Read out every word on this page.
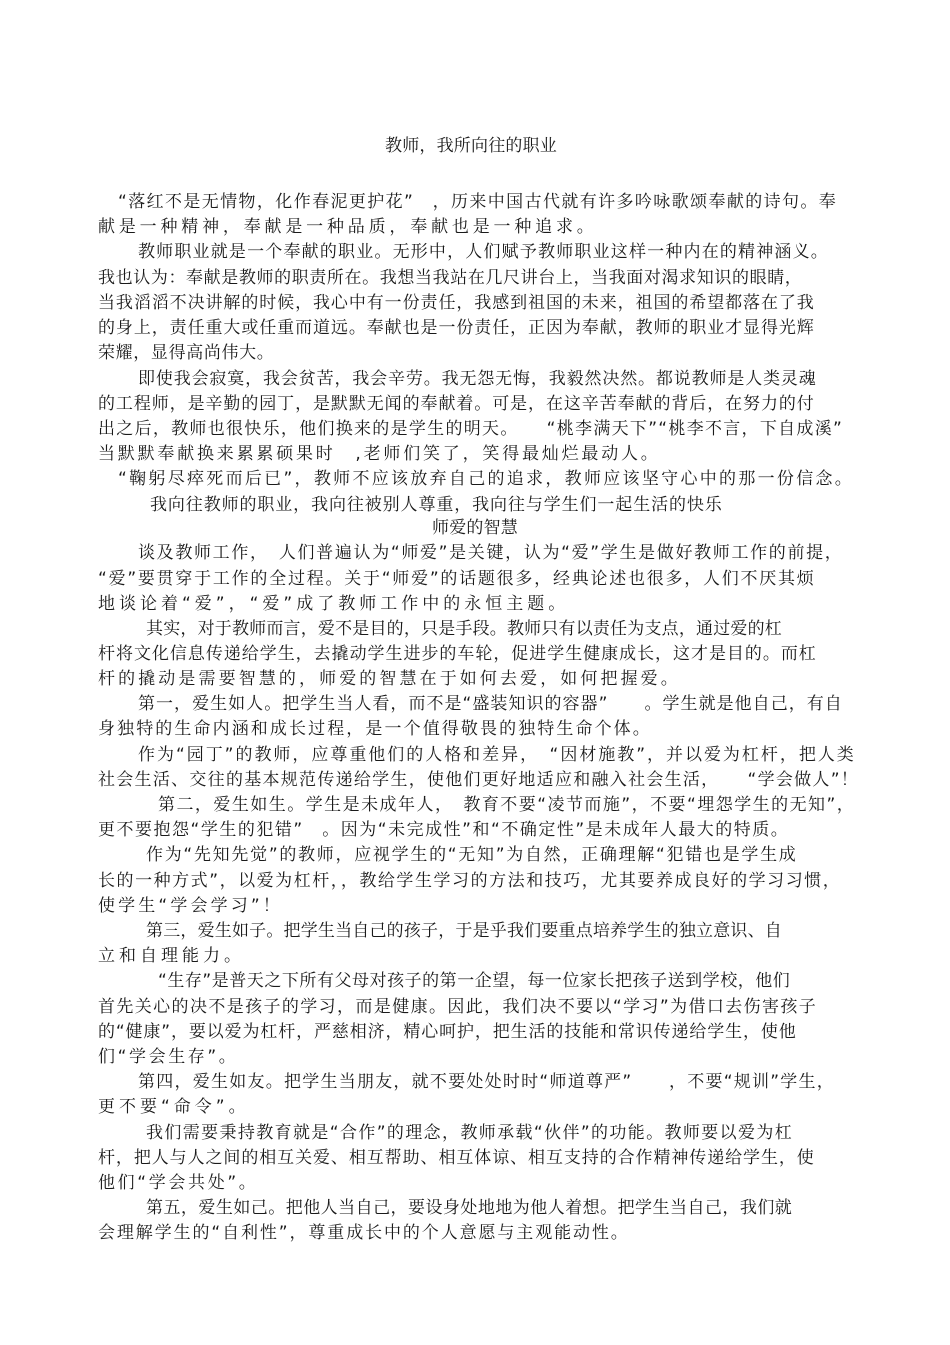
教师，我所向往的职业
“落红不是无情物，化作春泥更护花”　，历来中国古代就有许多吟咏歌颂奉献的诗句。奉
献是一种精神，奉献是一种品质，奉献也是一种追求。
教师职业就是一个奉献的职业。无形中，人们赋予教师职业这样一种内在的精神涵义。
我也认为：奉献是教师的职责所在。我想当我站在几尺讲台上，当我面对渴求知识的眼睛，
当我滔滔不决讲解的时候，我心中有一份责任，我感到祖国的未来，祖国的希望都落在了我
的身上，责任重大或任重而道远。奉献也是一份责任，正因为奉献，教师的职业才显得光辉
荣耀，显得高尚伟大。
即使我会寂寞，我会贫苦，我会辛劳。我无怨无悔，我毅然决然。都说教师是人类灵魂
的工程师，是辛勤的园丁，是默默无闻的奉献着。可是，在这辛苦奉献的背后，在努力的付
出之后，教师也很快乐，他们换来的是学生的明天。　　“桃李满天下”“桃李不言，下自成溪”
当默默奉献换来累累硕果时　,老师们笑了，笑得最灿烂最动人。
“鞠躬尽瘁死而后已”，教师不应该放弃自己的追求，教师应该坚守心中的那一份信念。
我向往教师的职业，我向往被别人尊重，我向往与学生们一起生活的快乐
师爱的智慧
谈及教师工作，　人们普遍认为“师爱”是关键，认为“爱”学生是做好教师工作的前提，
“爱”要贯穿于工作的全过程。关于“师爱”的话题很多，经典论述也很多，人们不厌其烦
地谈论着“爱”，“爱”成了教师工作中的永恒主题。
其实，对于教师而言，爱不是目的，只是手段。教师只有以责任为支点，通过爱的杠
杆将文化信息传递给学生，去撬动学生进步的车轮，促进学生健康成长，这才是目的。而杠
杆的撬动是需要智慧的，师爱的智慧在于如何去爱，如何把握爱。
第一，爱生如人。把学生当人看，而不是“盛装知识的容器”　　。学生就是他自己，有自
身独特的生命内涵和成长过程，是一个值得敬畏的独特生命个体。
作为“园丁”的教师，应尊重他们的人格和差异，　“因材施教”，并以爱为杠杆，把人类
社会生活、交往的基本规范传递给学生，使他们更好地适应和融入社会生活，　　“学会做人”！
第二，爱生如生。学生是未成年人，　教育不要“凌节而施”，不要“埋怨学生的无知”，
更不要抱怨“学生的犯错”　。因为“未完成性”和“不确定性”是未成年人最大的特质。
作为“先知先觉”的教师，应视学生的“无知”为自然，正确理解“犯错也是学生成
长的一种方式”，以爱为杠杆，，教给学生学习的方法和技巧，尤其要养成良好的学习习惯，
使学生“学会学习”！
第三，爱生如子。把学生当自己的孩子，于是乎我们要重点培养学生的独立意识、自
立和自理能力。
“生存”是普天之下所有父母对孩子的第一企望，每一位家长把孩子送到学校，他们
首先关心的决不是孩子的学习，而是健康。因此，我们决不要以“学习”为借口去伤害孩子
的“健康”，要以爱为杠杆，严慈相济，精心呵护，把生活的技能和常识传递给学生，使他
们“学会生存”。
第四，爱生如友。把学生当朋友，就不要处处时时“师道尊严”　　，不要“规训”学生，
更不要“命令”。
我们需要秉持教育就是“合作”的理念，教师承载“伙伴”的功能。教师要以爱为杠
杆，把人与人之间的相互关爱、相互帮助、相互体谅、相互支持的合作精神传递给学生，使
他们“学会共处”。
第五，爱生如己。把他人当自己，要设身处地地为他人着想。把学生当自己，我们就
会理解学生的“自利性”，尊重成长中的个人意愿与主观能动性。
